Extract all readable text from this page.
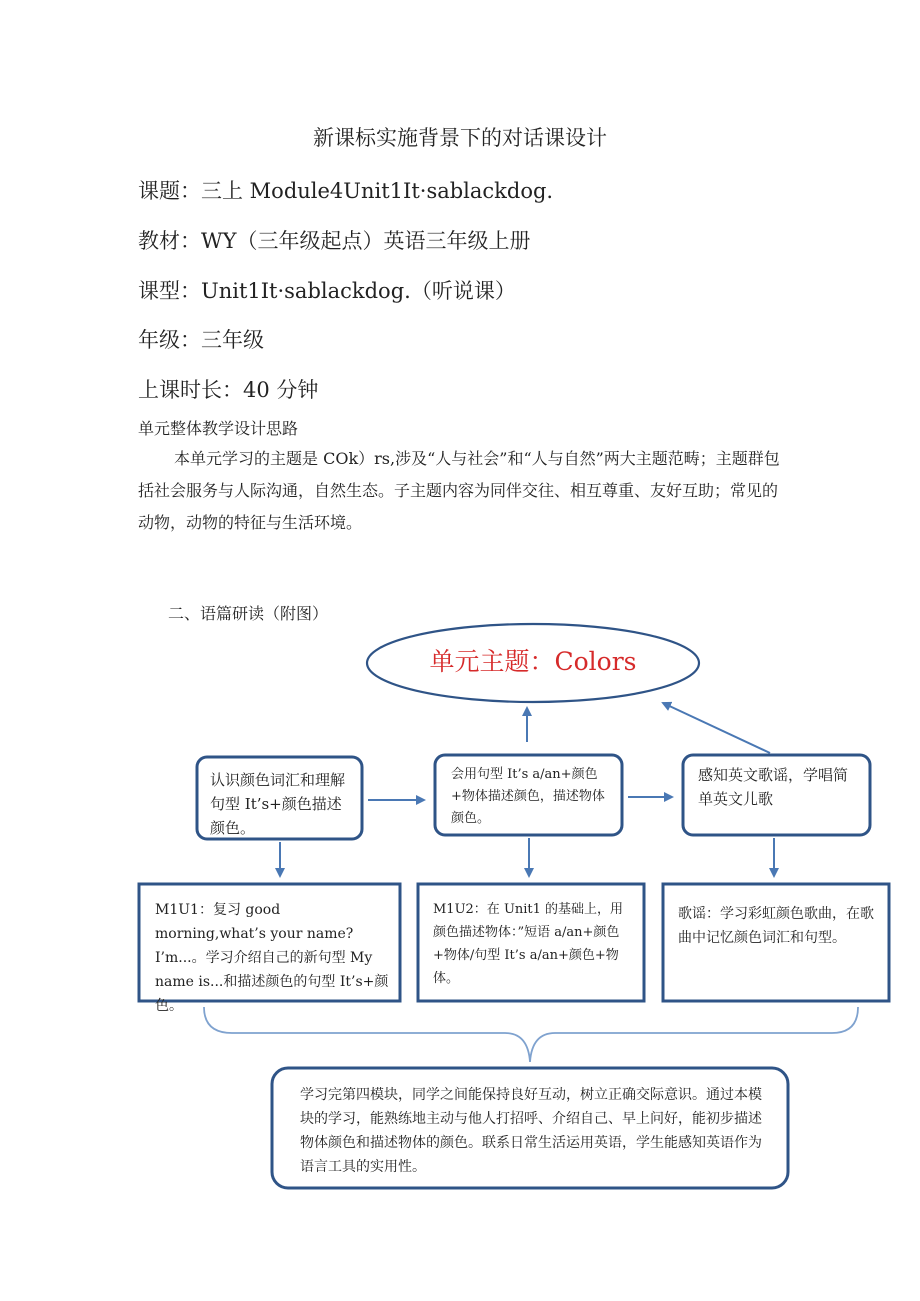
新课标实施背景下的对话课设计
课题：三上 Module4Unit1It·sablackdog.
教材：WY（三年级起点）英语三年级上册
课型：Unit1It·sablackdog.（听说课）
年级：三年级
上课时长：40 分钟
单元整体教学设计思路
本单元学习的主题是 COk）rs,涉及“人与社会”和“人与自然”两大主题范畴；主题群包括社会服务与人际沟通，自然生态。子主题内容为同伴交往、相互尊重、友好互助；常见的动物，动物的特征与生活环境。
二、语篇研读（附图）
单元主题：Colors
认识颜色词汇和理解句型 It’s+颜色描述颜色。
会用句型 It’s a/an+颜色+物体描述颜色，描述物体颜色。
感知英文歌谣，学唱简单英文儿歌
M1U1：复习 good morning,what’s your name? I’m...。学习介绍自己的新句型 My name is...和描述颜色的句型 It’s+颜色。
M1U2：在 Unit1 的基础上，用颜色描述物体：”短语 a/an+颜色+物体/句型 It’s a/an+颜色+物体。
歌谣：学习彩虹颜色歌曲，在歌曲中记忆颜色词汇和句型。
学习完第四模块，同学之间能保持良好互动，树立正确交际意识。通过本模块的学习，能熟练地主动与他人打招呼、介绍自己、早上问好，能初步描述物体颜色和描述物体的颜色。联系日常生活运用英语，学生能感知英语作为语言工具的实用性。
